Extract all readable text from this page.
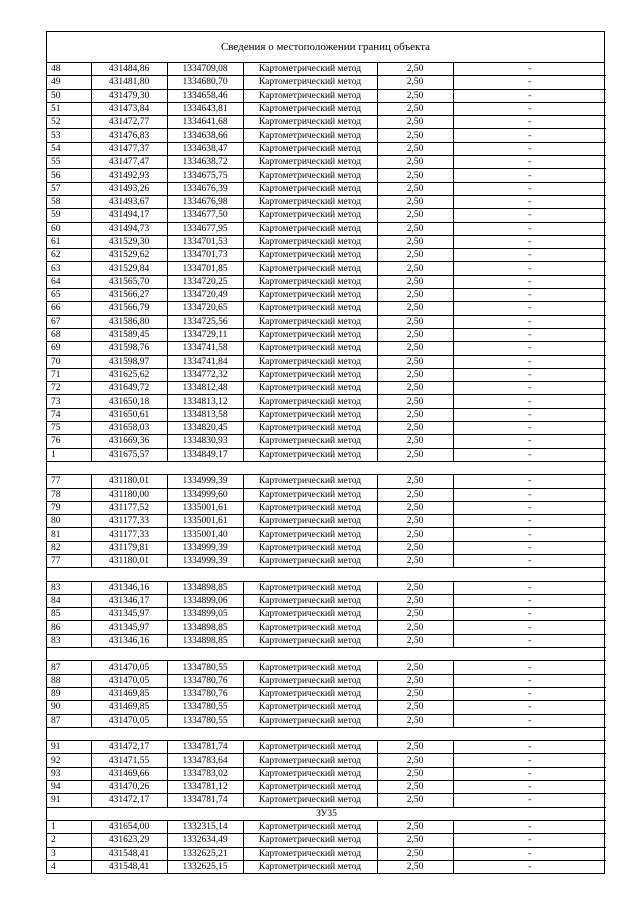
Сведения о местоположении границ объекта
48	431484,86	1334709,08	Картометрический метод	2,50	-
49	431481,80	1334680,70	Картометрический метод	2,50	-
50	431479,30	1334658,46	Картометрический метод	2,50	-
51	431473,84	1334643,81	Картометрический метод	2,50	-
52	431472,77	1334641,68	Картометрический метод	2,50	-
53	431476,83	1334638,66	Картометрический метод	2,50	-
54	431477,37	1334638,47	Картометрический метод	2,50	-
55	431477,47	1334638,72	Картометрический метод	2,50	-
56	431492,93	1334675,75	Картометрический метод	2,50	-
57	431493,26	1334676,39	Картометрический метод	2,50	-
58	431493,67	1334676,98	Картометрический метод	2,50	-
59	431494,17	1334677,50	Картометрический метод	2,50	-
60	431494,73	1334677,95	Картометрический метод	2,50	-
61	431529,30	1334701,53	Картометрический метод	2,50	-
62	431529,62	1334701,73	Картометрический метод	2,50	-
63	431529,84	1334701,85	Картометрический метод	2,50	-
64	431565,70	1334720,25	Картометрический метод	2,50	-
65	431566,27	1334720,49	Картометрический метод	2,50	-
66	431566,79	1334720,65	Картометрический метод	2,50	-
67	431586,80	1334725,56	Картометрический метод	2,50	-
68	431589,45	1334729,11	Картометрический метод	2,50	-
69	431598,76	1334741,58	Картометрический метод	2,50	-
70	431598,97	1334741,84	Картометрический метод	2,50	-
71	431625,62	1334772,32	Картометрический метод	2,50	-
72	431649,72	1334812,48	Картометрический метод	2,50	-
73	431650,18	1334813,12	Картометрический метод	2,50	-
74	431650,61	1334813,58	Картометрический метод	2,50	-
75	431658,03	1334820,45	Картометрический метод	2,50	-
76	431669,36	1334830,93	Картометрический метод	2,50	-
1	431675,57	1334849,17	Картометрический метод	2,50	-

77	431180,01	1334999,39	Картометрический метод	2,50	-
78	431180,00	1334999,60	Картометрический метод	2,50	-
79	431177,52	1335001,61	Картометрический метод	2,50	-
80	431177,33	1335001,61	Картометрический метод	2,50	-
81	431177,33	1335001,40	Картометрический метод	2,50	-
82	431179,81	1334999,39	Картометрический метод	2,50	-
77	431180,01	1334999,39	Картометрический метод	2,50	-

83	431346,16	1334898,85	Картометрический метод	2,50	-
84	431346,17	1334899,06	Картометрический метод	2,50	-
85	431345,97	1334899,05	Картометрический метод	2,50	-
86	431345,97	1334898,85	Картометрический метод	2,50	-
83	431346,16	1334898,85	Картометрический метод	2,50	-

87	431470,05	1334780,55	Картометрический метод	2,50	-
88	431470,05	1334780,76	Картометрический метод	2,50	-
89	431469,85	1334780,76	Картометрический метод	2,50	-
90	431469,85	1334780,55	Картометрический метод	2,50	-
87	431470,05	1334780,55	Картометрический метод	2,50	-

91	431472,17	1334781,74	Картометрический метод	2,50	-
92	431471,55	1334783,64	Картометрический метод	2,50	-
93	431469,66	1334783,02	Картометрический метод	2,50	-
94	431470,26	1334781,12	Картометрический метод	2,50	-
91	431472,17	1334781,74	Картометрический метод	2,50	-
ЗУ35					
1	431654,00	1332315,14	Картометрический метод	2,50	-
2	431623,29	1332634,49	Картометрический метод	2,50	-
3	431548,41	1332625,21	Картометрический метод	2,50	-
4	431548,41	1332625,15	Картометрический метод	2,50	-
